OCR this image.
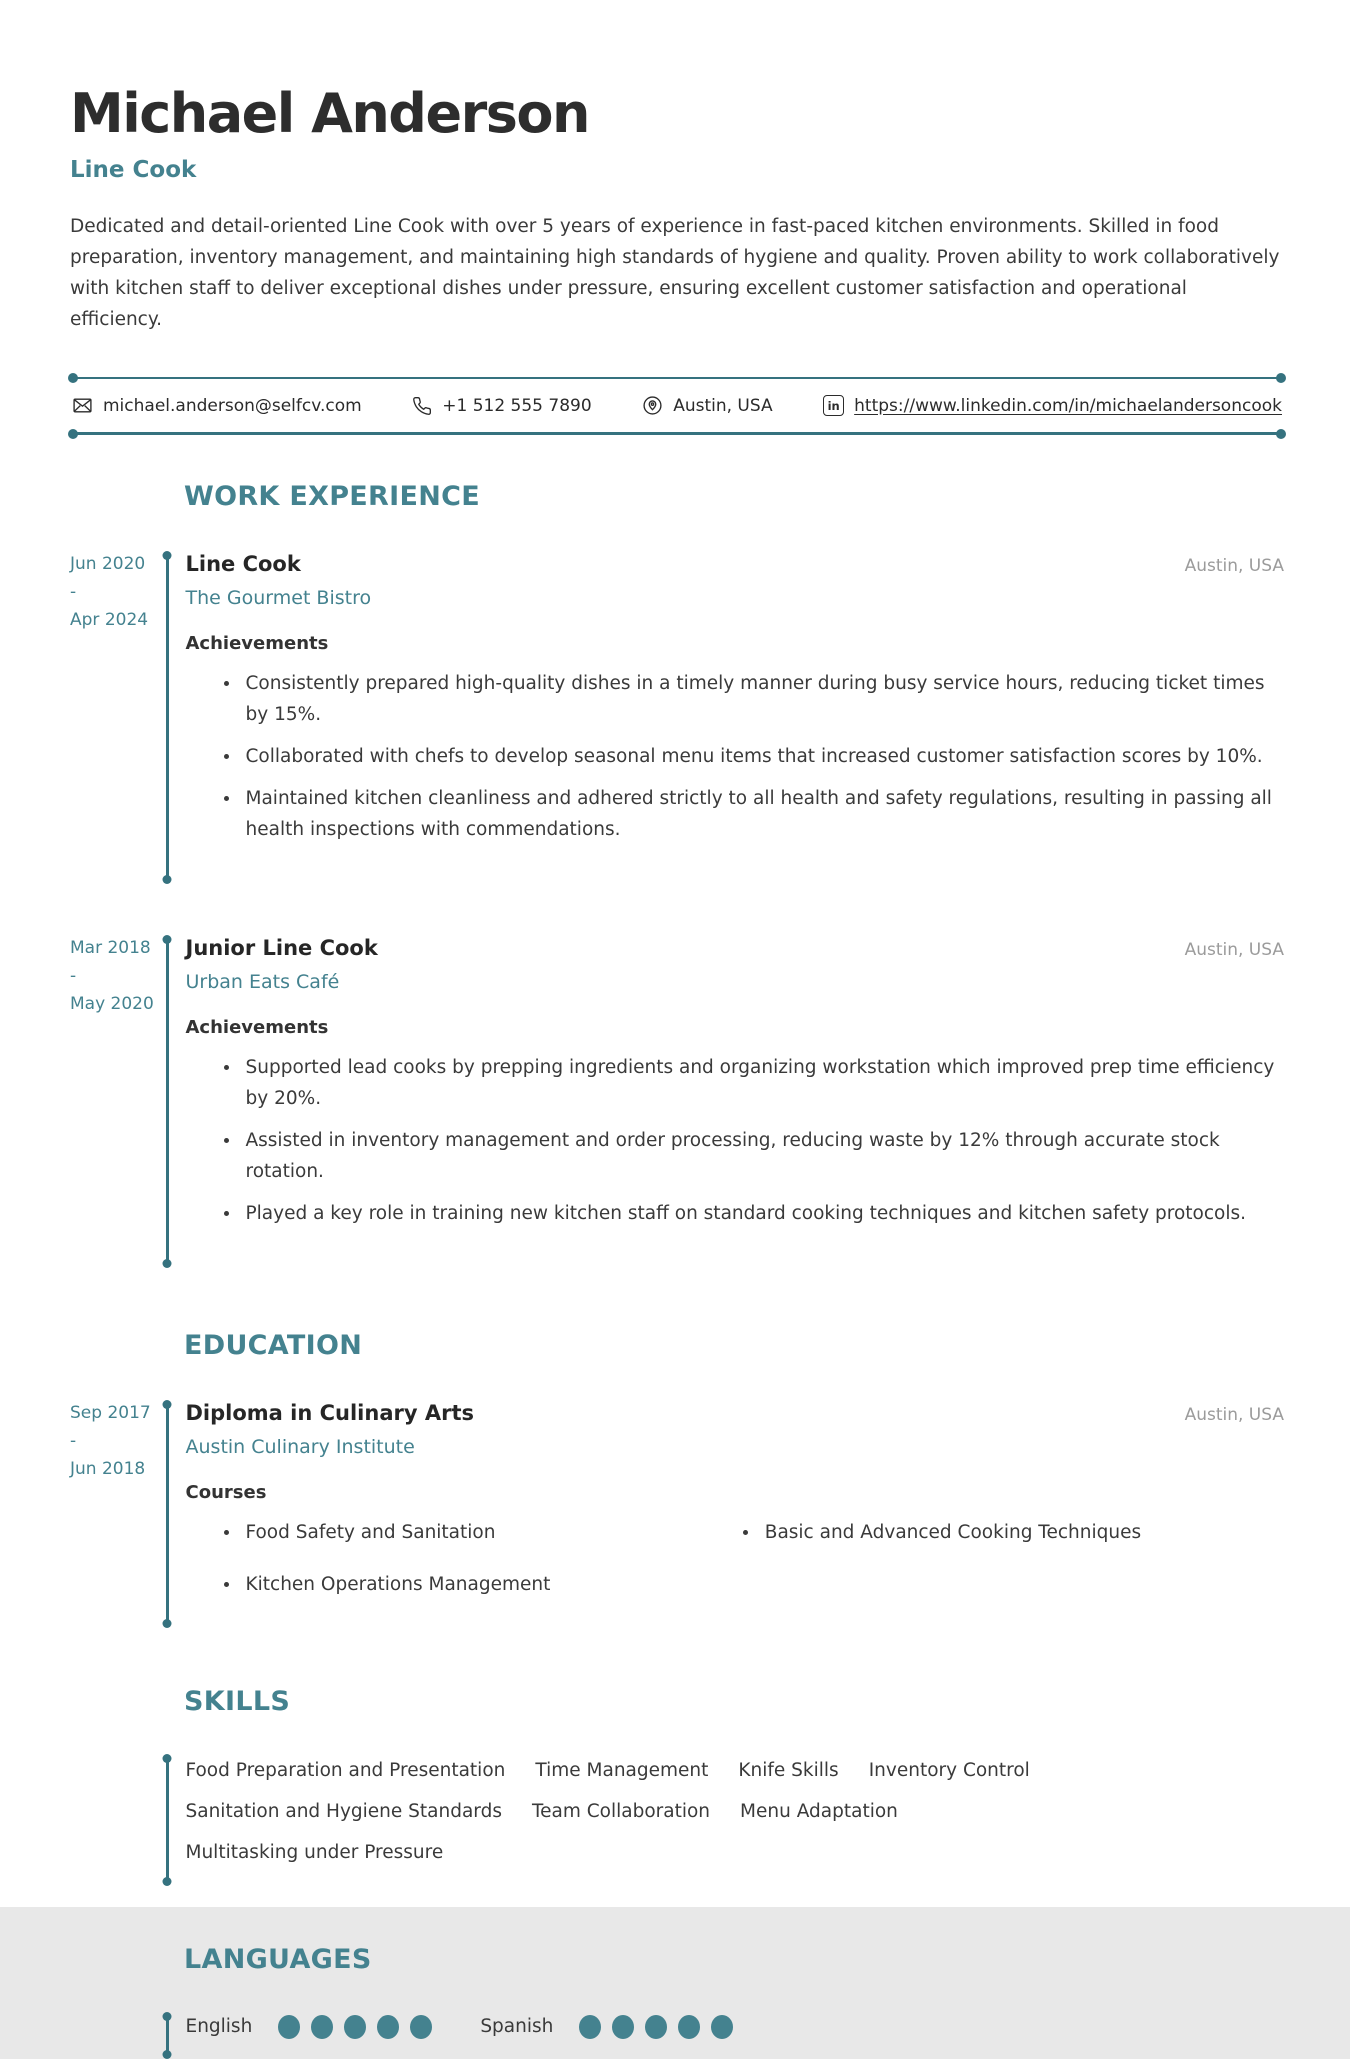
Michael Anderson
Line Cook

Dedicated and detail-oriented Line Cook with over 5 years of experience in fast-paced kitchen environments. Skilled in food preparation, inventory management, and maintaining high standards of hygiene and quality. Proven ability to work collaboratively with kitchen staff to deliver exceptional dishes under pressure, ensuring excellent customer satisfaction and operational efficiency.

michael.anderson@selfcv.com	+1 512 555 7890	Austin, USA	in https://www.linkedin.com/in/michaelandersoncook
WORK EXPERIENCE
Jun 2020
-
Apr 2024
Line Cook	Austin, USA
The Gourmet Bistro
Achievements
Consistently prepared high-quality dishes in a timely manner during busy service hours, reducing ticket times by 15%.
Collaborated with chefs to develop seasonal menu items that increased customer satisfaction scores by 10%.
Maintained kitchen cleanliness and adhered strictly to all health and safety regulations, resulting in passing all health inspections with commendations.
Mar 2018
-
May 2020
Junior Line Cook	Austin, USA
Urban Eats Café
Achievements
Supported lead cooks by prepping ingredients and organizing workstation which improved prep time efficiency by 20%.
Assisted in inventory management and order processing, reducing waste by 12% through accurate stock rotation.
Played a key role in training new kitchen staff on standard cooking techniques and kitchen safety protocols.
EDUCATION
Sep 2017
-
Jun 2018
Diploma in Culinary Arts	Austin, USA
Austin Culinary Institute
Courses
Food Safety and Sanitation	Basic and Advanced Cooking Techniques
Kitchen Operations Management
SKILLS
Food Preparation and Presentation Time Management Knife Skills Inventory Control
Sanitation and Hygiene Standards Team Collaboration Menu Adaptation
Multitasking under Pressure
LANGUAGES
English	Spanish
